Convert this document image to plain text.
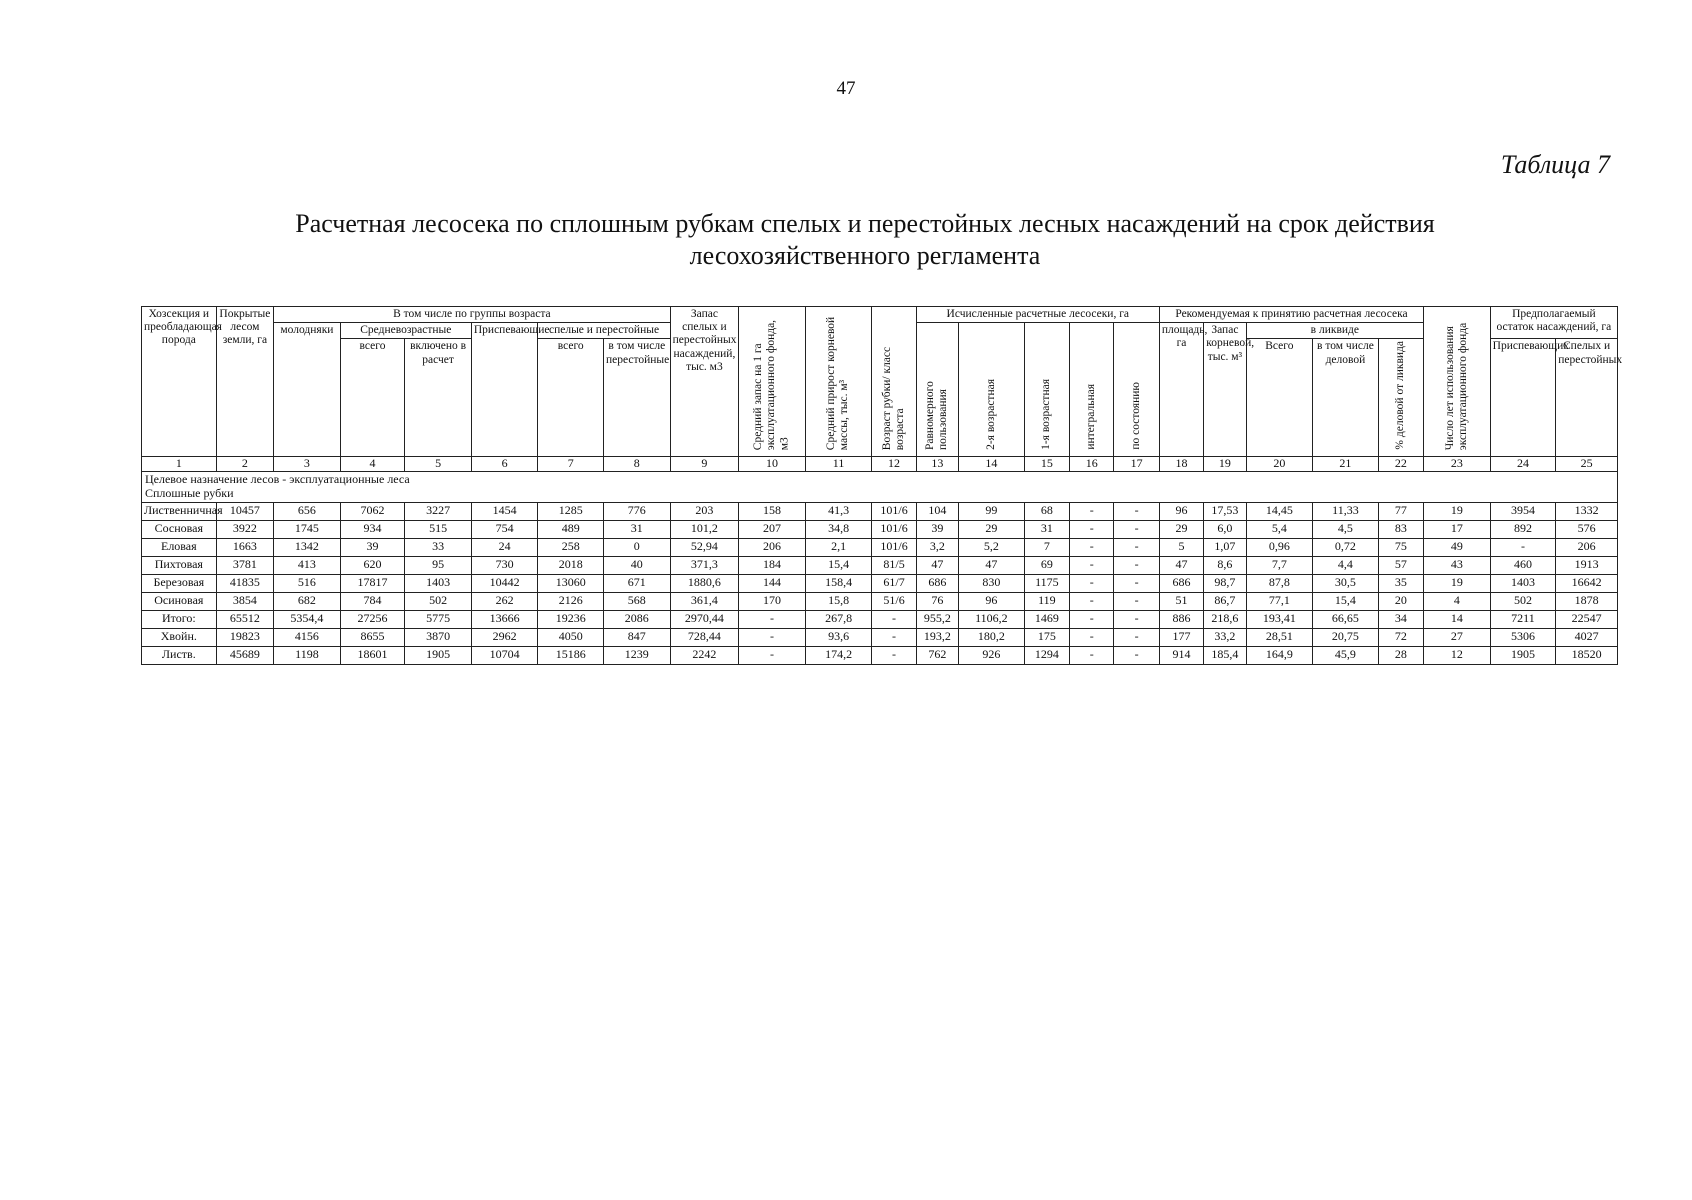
47
Таблица 7
Расчетная лесосека по сплошным рубкам спелых и перестойных лесных насаждений на срок действия
лесохозяйственного регламента
Хозсекция и преобладающая порода	Покрытые лесом земли, га	В том числе по группы возраста						Запас спелых и перестойных насаждений, тыс. м3	Средний запас на 1 га эксплуатационного фонда, м3	Средний прирост корневой массы, тыс. м³	Возраст рубки/ класс возраста	Исчисленные расчетные лесосеки, га					Рекомендуемая к принятию расчетная лесосека					Число лет использования эксплуатационного фонда	Предполагаемый остаток насаждений, га	
		молодняки	Средневозрастные		Приспевающие	спелые и перестойные						Равномерного пользования	2-я возрастная	1-я возрастная	интегральная	по состоянию	площадь, га	Запас корневой, тыс. м³	в ликвиде					
			всего	включено в расчет		всего	в том числе перестойные												Всего	в том числе деловой	% деловой от ликвида		Приспевающих	Спелых и перестойных
1	2	3	4	5	6	7	8	9	10	11	12	13	14	15	16	17	18	19	20	21	22	23	24	25

Целевое назначение лесов - эксплуатационные леса
Сплошные рубки																								

Лиственничная	10457	656	7062	3227	1454	1285	776	203	158	41,3	101/6	104	99	68	-	-	96	17,53	14,45	11,33	77	19	3954	1332
Сосновая	3922	1745	934	515	754	489	31	101,2	207	34,8	101/6	39	29	31	-	-	29	6,0	5,4	4,5	83	17	892	576
Еловая	1663	1342	39	33	24	258	0	52,94	206	2,1	101/6	3,2	5,2	7	-	-	5	1,07	0,96	0,72	75	49	-	206
Пихтовая	3781	413	620	95	730	2018	40	371,3	184	15,4	81/5	47	47	69	-	-	47	8,6	7,7	4,4	57	43	460	1913
Березовая	41835	516	17817	1403	10442	13060	671	1880,6	144	158,4	61/7	686	830	1175	-	-	686	98,7	87,8	30,5	35	19	1403	16642
Осиновая	3854	682	784	502	262	2126	568	361,4	170	15,8	51/6	76	96	119	-	-	51	86,7	77,1	15,4	20	4	502	1878
Итого:	65512	5354,4	27256	5775	13666	19236	2086	2970,44	-	267,8	-	955,2	1106,2	1469	-	-	886	218,6	193,41	66,65	34	14	7211	22547
Хвойн.	19823	4156	8655	3870	2962	4050	847	728,44	-	93,6	-	193,2	180,2	175	-	-	177	33,2	28,51	20,75	72	27	5306	4027
Листв.	45689	1198	18601	1905	10704	15186	1239	2242	-	174,2	-	762	926	1294	-	-	914	185,4	164,9	45,9	28	12	1905	18520
